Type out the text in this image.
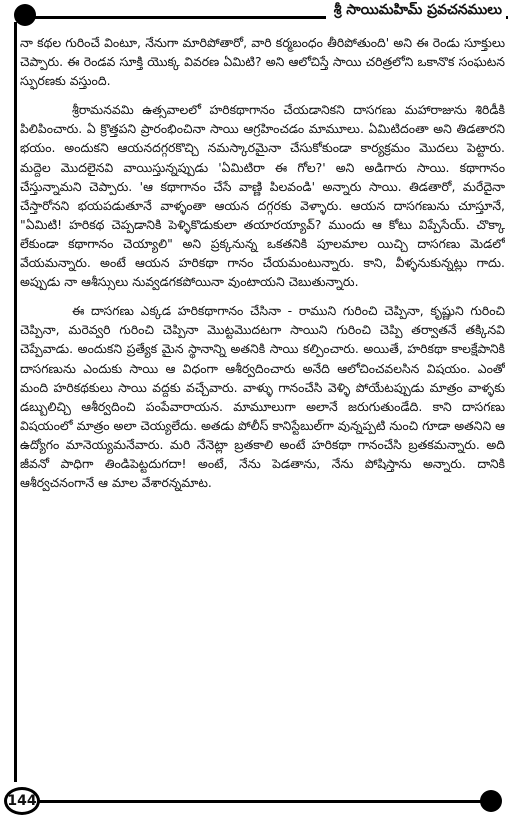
శ్రీ సాయిమహిమ్ ప్రవచనములు

నా కథల గురించే వింటూ, నేనుగా మారిపోతారో, వారి కర్మబంధం తీరిపోతుంది' అని ఈ రెండు సూక్తులు చెప్పారు. ఈ రెండవ సూక్తి యొక్క వివరణ ఏమిటి? అని ఆలోచిస్తే సాయి చరిత్రలోని ఒకానొక సంఘటన స్ఫురణకు వస్తుంది.

శ్రీరామనవమి ఉత్సవాలలో హరికథాగానం చేయడానికని దాసగణు మహారాజును శిరిడీకి పిలిపించారు. ఏ క్రొత్తపని ప్రారంభించినా సాయి ఆగ్రహించడం మామూలు. ఏమిటిదంతా అని తిడతారని భయం. అందుకని ఆయనదగ్గరకొచ్చి నమస్కారమైనా చేసుకోకుండా కార్యక్రమం మొదలు పెట్టారు. మద్దెల మొదలైనవి వాయిస్తున్నప్పుడు 'ఏమిటిరా ఈ గోల?' అని అడిగారు సాయి. కథాగానం చేస్తున్నామని చెప్పారు. 'ఆ కథాగానం చేసే వాణ్ణి పిలవండి' అన్నారు సాయి. తిడతారో, మరేదైనా చేస్తారోనని భయపడుతూనే వాళ్ళంతా ఆయన దగ్గరకు వెళ్ళారు. ఆయన దాసగణును చూస్తూనే, "ఏమిటి! హరికథ చెప్పడానికి పెళ్ళికొడుకులా తయారయ్యావ్? ముందు ఆ కోటు విప్పేసేయ్. చొక్కా లేకుండా కథాగానం చెయ్యాలి" అని ప్రక్కనున్న ఒకతనికి పూలమాల యిచ్చి దాసగణు మెడలో వేయమన్నారు. అంటే ఆయన హరికథా గానం చేయమంటున్నారు. కాని, వీళ్ళనుకున్నట్లు గాదు. అప్పుడు నా ఆశీస్సులు నువ్వడగకపోయినా వుంటాయని చెబుతున్నారు.

ఈ దాసగణు ఎక్కడ హరికథాగానం చేసినా - రాముని గురించి చెప్పినా, కృష్ణుని గురించి చెప్పినా, మరెవ్వరి గురించి చెప్పినా మొట్టమొదటగా సాయిని గురించి చెప్పి తర్వాతనే తక్కినవి చెప్పేవాడు. అందుకని ప్రత్యేక మైన స్థానాన్ని అతనికి సాయి కల్పించారు. అయితే, హరికథా కాలక్షేపానికి దాసగణును ఎందుకు సాయి ఆ విధంగా ఆశీర్వదించారు అనేది ఆలోచించవలసిన విషయం. ఎంతో మంది హరికథకులు సాయి వద్దకు వచ్చేవారు. వాళ్ళు గానంచేసి వెళ్ళి పోయేటప్పుడు మాత్రం వాళ్ళకు డబ్బులిచ్చి ఆశీర్వదించి పంపేవారాయన. మామూలుగా అలానే జరుగుతుండేది. కాని దాసగణు విషయంలో మాత్రం అలా చెయ్యలేదు. అతడు పోలీస్ కానిస్టేబుల్‌గా వున్నప్పటి నుంచి గూడా అతనిని ఆ ఉద్యోగం మానెయ్యమనేవారు. మరి నేనెట్లా బ్రతకాలి అంటే హరికథా గానంచేసి బ్రతకమన్నారు. అది జీవనో పాధిగా తిండిపెట్టదుగదా! అంటే, నేను పెడతాను, నేను పోషిస్తాను అన్నారు. దానికి ఆశీర్వచనంగానే ఆ మాల వేశారన్నమాట.

144
